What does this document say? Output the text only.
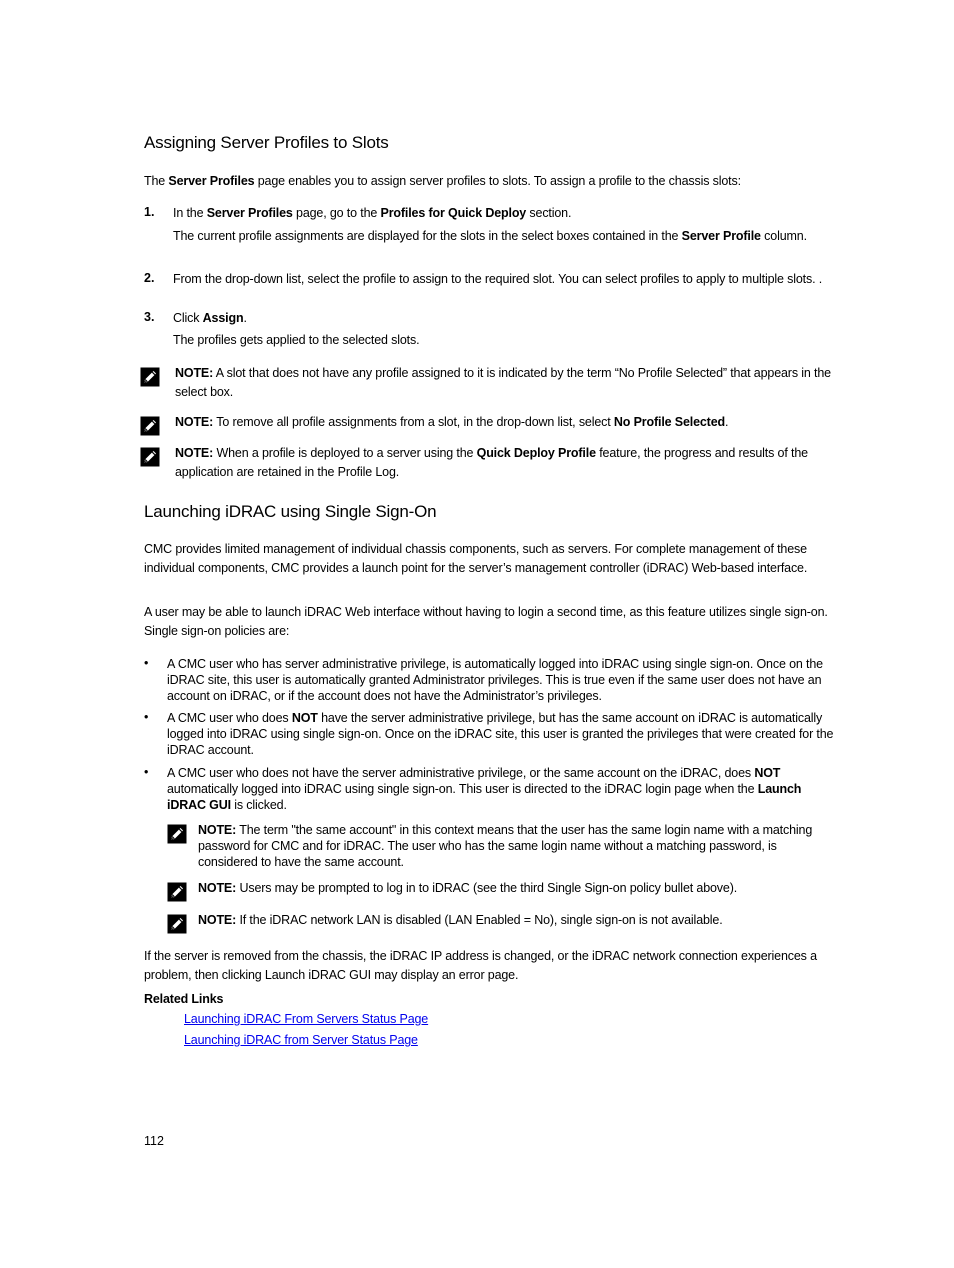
Assigning Server Profiles to Slots

The Server Profiles page enables you to assign server profiles to slots. To assign a profile to the chassis slots:

1. In the Server Profiles page, go to the Profiles for Quick Deploy section.

The current profile assignments are displayed for the slots in the select boxes contained in the Server Profile column.

2. From the drop-down list, select the profile to assign to the required slot. You can select profiles to apply to multiple slots. .

3. Click Assign.

The profiles gets applied to the selected slots.

NOTE: A slot that does not have any profile assigned to it is indicated by the term “No Profile Selected” that appears in the select box.

NOTE: To remove all profile assignments from a slot, in the drop-down list, select No Profile Selected.

NOTE: When a profile is deployed to a server using the Quick Deploy Profile feature, the progress and results of the application are retained in the Profile Log.

Launching iDRAC using Single Sign-On

CMC provides limited management of individual chassis components, such as servers. For complete management of these individual components, CMC provides a launch point for the server’s management controller (iDRAC) Web-based interface.

A user may be able to launch iDRAC Web interface without having to login a second time, as this feature utilizes single sign-on. Single sign-on policies are:

• A CMC user who has server administrative privilege, is automatically logged into iDRAC using single sign-on. Once on the iDRAC site, this user is automatically granted Administrator privileges. This is true even if the same user does not have an account on iDRAC, or if the account does not have the Administrator’s privileges.

• A CMC user who does NOT have the server administrative privilege, but has the same account on iDRAC is automatically logged into iDRAC using single sign-on. Once on the iDRAC site, this user is granted the privileges that were created for the iDRAC account.

• A CMC user who does not have the server administrative privilege, or the same account on the iDRAC, does NOT automatically logged into iDRAC using single sign-on. This user is directed to the iDRAC login page when the Launch iDRAC GUI is clicked.

NOTE: The term "the same account" in this context means that the user has the same login name with a matching password for CMC and for iDRAC. The user who has the same login name without a matching password, is considered to have the same account.

NOTE: Users may be prompted to log in to iDRAC (see the third Single Sign-on policy bullet above).

NOTE: If the iDRAC network LAN is disabled (LAN Enabled = No), single sign-on is not available.

If the server is removed from the chassis, the iDRAC IP address is changed, or the iDRAC network connection experiences a problem, then clicking Launch iDRAC GUI may display an error page.

Related Links

Launching iDRAC From Servers Status Page
Launching iDRAC from Server Status Page
112
